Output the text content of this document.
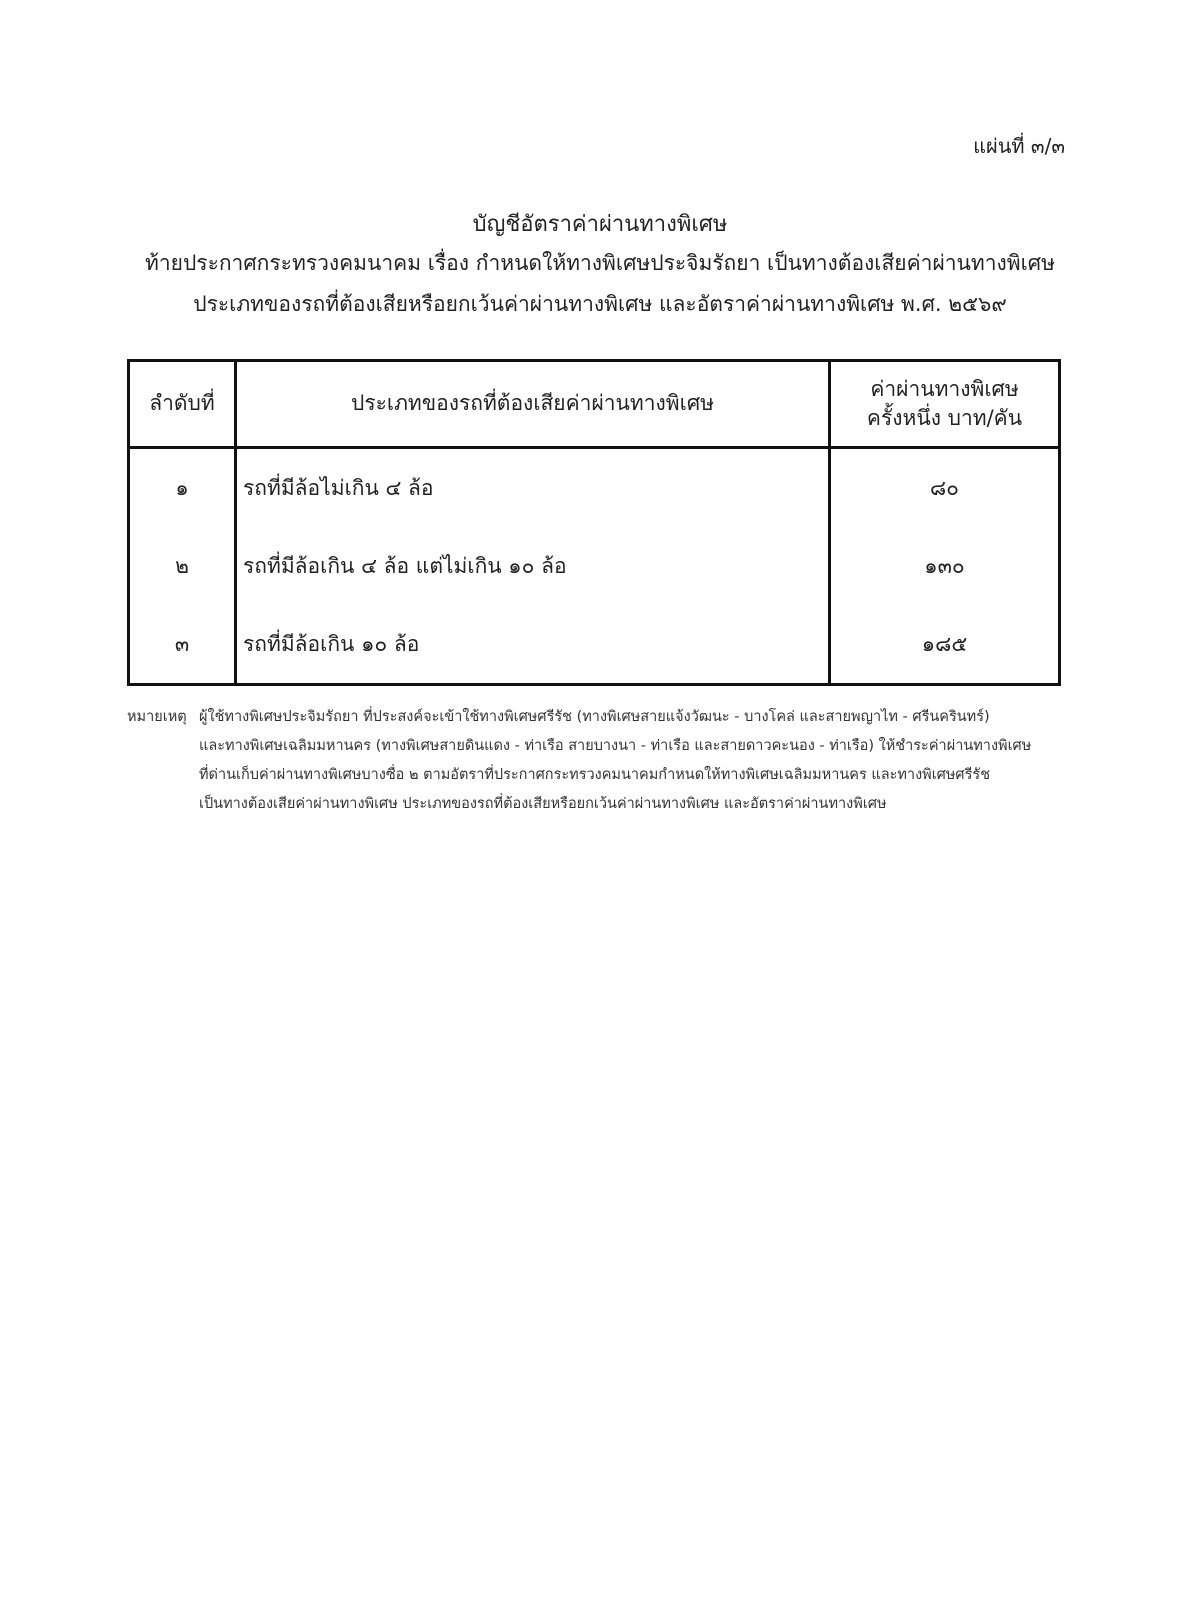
แผ่นที่ ๓/๓
บัญชีอัตราค่าผ่านทางพิเศษ
ท้ายประกาศกระทรวงคมนาคม เรื่อง กำหนดให้ทางพิเศษประจิมรัถยา เป็นทางต้องเสียค่าผ่านทางพิเศษ
ประเภทของรถที่ต้องเสียหรือยกเว้นค่าผ่านทางพิเศษ และอัตราค่าผ่านทางพิเศษ พ.ศ. ๒๕๖๙
ลำดับที่	ประเภทของรถที่ต้องเสียค่าผ่านทางพิเศษ	ค่าผ่านทางพิเศษ
ครั้งหนึ่ง บาท/คัน

๑	รถที่มีล้อไม่เกิน ๔ ล้อ	๘๐
๒	รถที่มีล้อเกิน ๔ ล้อ แต่ไม่เกิน ๑๐ ล้อ	๑๓๐
๓	รถที่มีล้อเกิน ๑๐ ล้อ	๑๘๕
หมายเหตุ ผู้ใช้ทางพิเศษประจิมรัถยา ที่ประสงค์จะเข้าใช้ทางพิเศษศรีรัช (ทางพิเศษสายแจ้งวัฒนะ - บางโคล่ และสายพญาไท - ศรีนครินทร์)
และทางพิเศษเฉลิมมหานคร (ทางพิเศษสายดินแดง - ท่าเรือ สายบางนา - ท่าเรือ และสายดาวคะนอง - ท่าเรือ) ให้ชำระค่าผ่านทางพิเศษ
ที่ด่านเก็บค่าผ่านทางพิเศษบางซื่อ ๒ ตามอัตราที่ประกาศกระทรวงคมนาคมกำหนดให้ทางพิเศษเฉลิมมหานคร และทางพิเศษศรีรัช
เป็นทางต้องเสียค่าผ่านทางพิเศษ ประเภทของรถที่ต้องเสียหรือยกเว้นค่าผ่านทางพิเศษ และอัตราค่าผ่านทางพิเศษ
